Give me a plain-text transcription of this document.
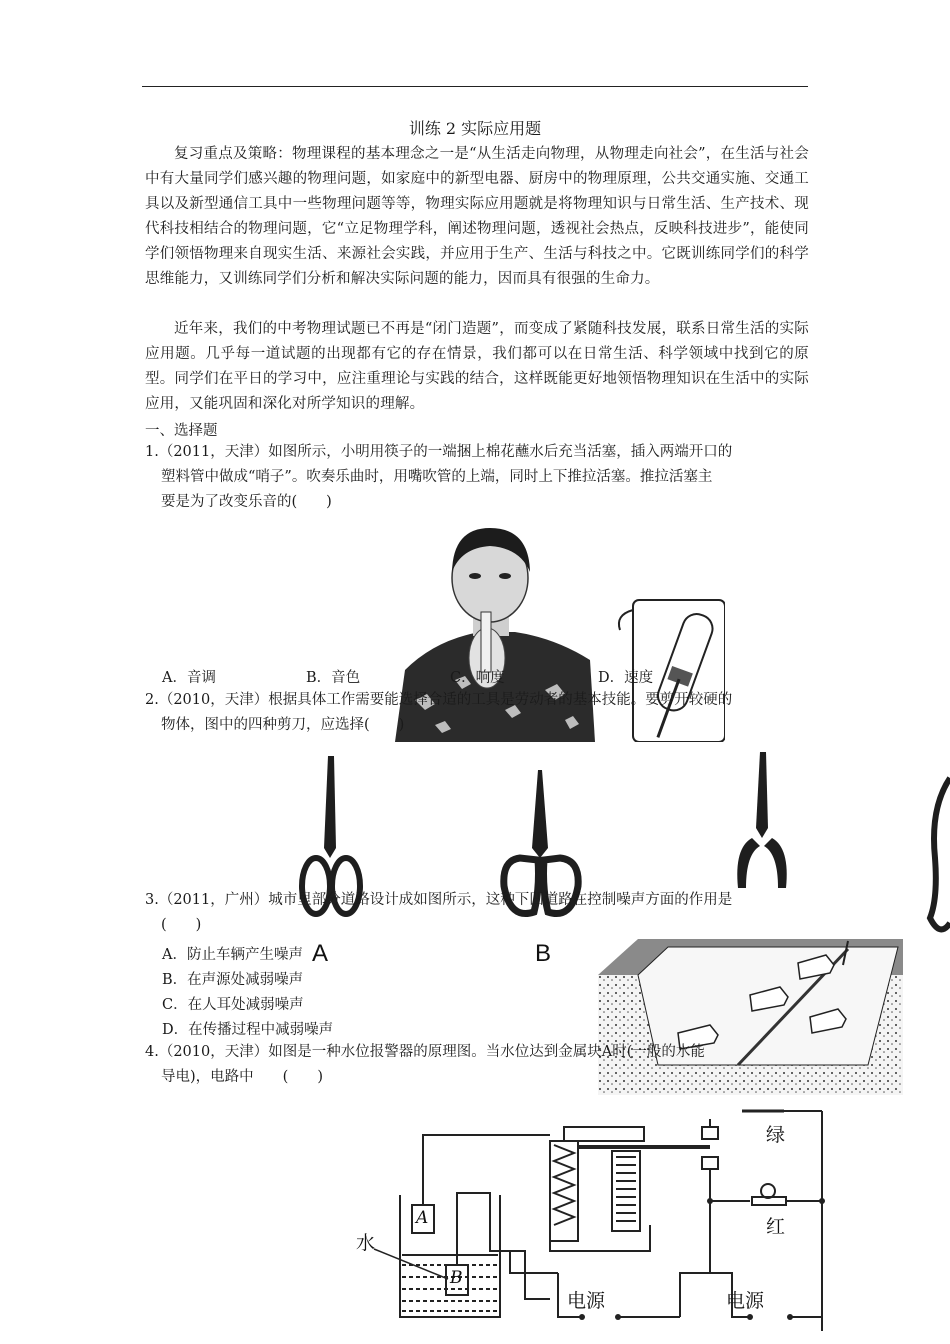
训练 2 实际应用题

复习重点及策略：物理课程的基本理念之一是“从生活走向物理，从物理走向社会”，在生活与社会中有大量同学们感兴趣的物理问题，如家庭中的新型电器、厨房中的物理原理，公共交通实施、交通工具以及新型通信工具中一些物理问题等等，物理实际应用题就是将物理知识与日常生活、生产技术、现代科技相结合的物理问题，它“立足物理学科，阐述物理问题，透视社会热点，反映科技进步”，能使同学们领悟物理来自现实生活、来源社会实践，并应用于生产、生活与科技之中。它既训练同学们的科学思维能力，又训练同学们分析和解决实际问题的能力，因而具有很强的生命力。

近年来，我们的中考物理试题已不再是“闭门造题”，而变成了紧随科技发展，联系日常生活的实际应用题。几乎每一道试题的出现都有它的存在情景，我们都可以在日常生活、科学领域中找到它的原型。同学们在平日的学习中，应注重理论与实践的结合，这样既能更好地领悟物理知识在生活中的实际应用，又能巩固和深化对所学知识的理解。

一、选择题
1.（2011，天津）如图所示，小明用筷子的一端捆上棉花蘸水后充当活塞，插入两端开口的
塑料管中做成“哨子”。吹奏乐曲时，用嘴吹管的上端，同时上下推拉活塞。推拉活塞主
要是为了改变乐音的(　　)
A．音调	B．音色	C．响度	D．速度
2.（2010，天津）根据具体工作需要能选择合适的工具是劳动者的基本技能。要剪开较硬的
物体，图中的四种剪刀，应选择(　　)
A	B
3.（2011，广州）城市里部分道路设计成如图所示，这种下凹道路在控制噪声方面的作用是
(　　)
A．防止车辆产生噪声
B．在声源处减弱噪声
C．在人耳处减弱噪声
D．在传播过程中减弱噪声
4.（2010，天津）如图是一种水位报警器的原理图。当水位达到金属块A时(一般的水能
导电)，电路中　　(　　)
水
A
B
绿
红
电源	电源
